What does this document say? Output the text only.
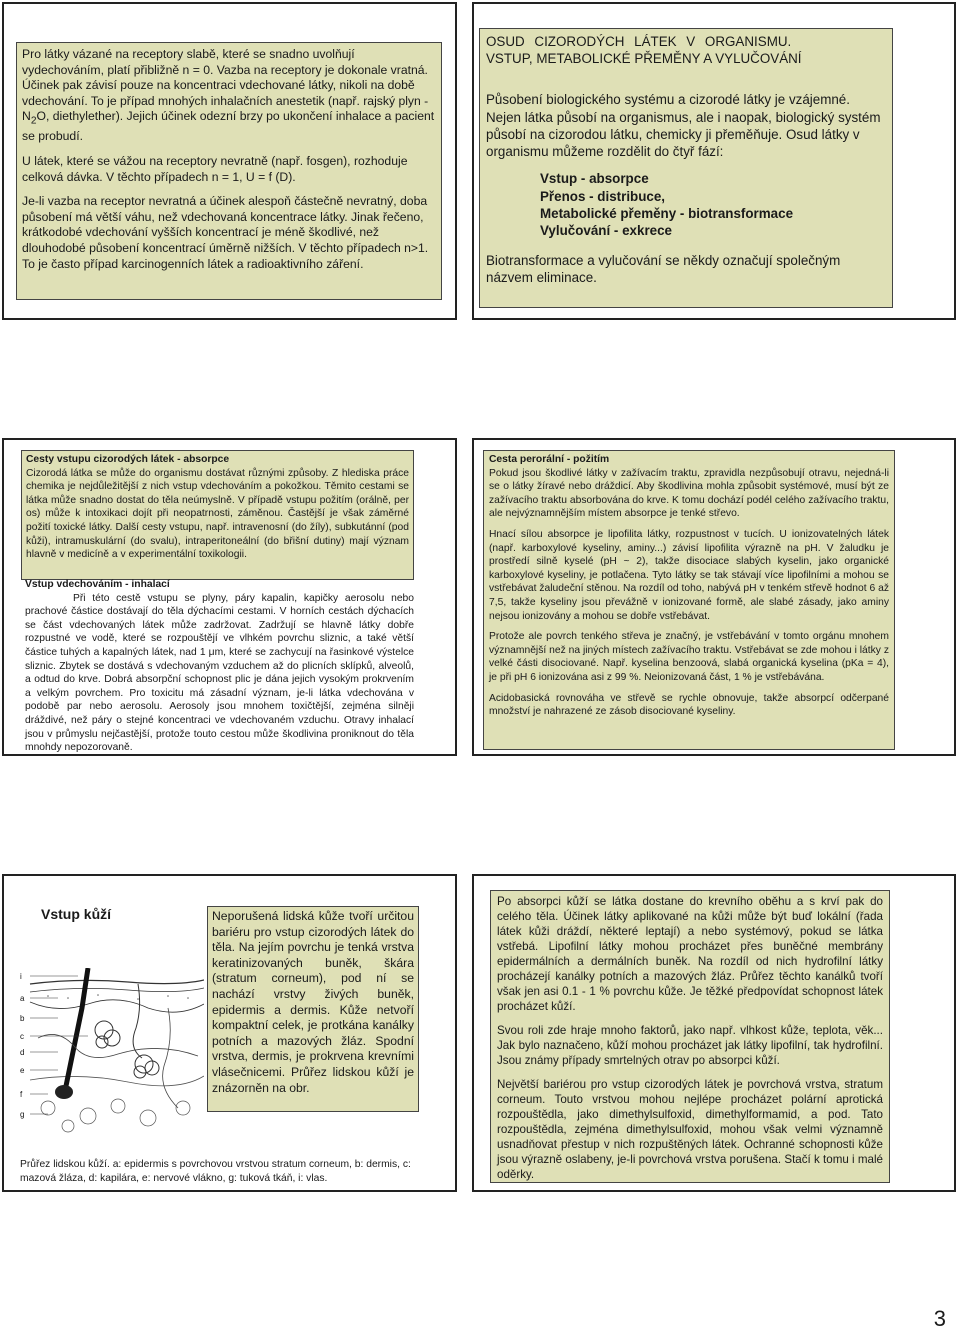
Pro látky vázané na receptory slabě, které se snadno uvolňují vydechováním, platí přibližně n = 0. Vazba na receptory je dokonale vratná. Účinek pak závisí pouze na koncentraci vdechované látky, nikoli na době vdechování. To je případ mnohých inhalačních anestetik (např. rajský plyn - $N_2O$, diethylether). Jejich účinek odezní brzy po ukončení inhalace a pacient se probudí.

U látek, které se vážou na receptory nevratně (např. fosgen), rozhoduje celková dávka. V těchto případech n = 1, U = f (D).

Je-li vazba na receptor nevratná a účinek alespoň částečně nevratný, doba působení má větší váhu, než vdechovaná koncentrace látky. Jinak řečeno, krátkodobé vdechování vyšších koncentrací je méně škodlivé, než dlouhodobé působení koncentrací úměrně nižších. V těchto případech n>1. To je často případ karcinogenních látek a radioaktivního záření.

OSUD CIZORODÝCH LÁTEK V ORGANISMU.

VSTUP, METABOLICKÉ PŘEMĚNY A VYLUČOVÁNÍ

Působení biologického systému a cizorodé látky je vzájemné. Nejen látka působí na organismus, ale i naopak, biologický systém působí na cizorodou látku, chemicky ji přeměňuje. Osud látky v organismu můžeme rozdělit do čtyř fází:

Vstup - absorpce
Přenos - distribuce,
Metabolické přeměny - biotransformace
Vylučování - exkrece

Biotransformace a vylučování se někdy označují společným názvem eliminace.

Cesty vstupu cizorodých látek - absorpce

Cizorodá látka se může do organismu dostávat různými způsoby. Z hlediska práce chemika je nejdůležitější z nich vstup vdechováním a pokožkou. Těmito cestami se látka může snadno dostat do těla neúmyslně. V případě vstupu požitím (orálně, per os) může k intoxikaci dojít při neopatrnosti, záměnou. Častější je však záměrné požití toxické látky. Další cesty vstupu, např. intravenosní (do žíly), subkutánní (pod kůži), intramuskulární (do svalu), intraperitoneální (do břišní dutiny) mají význam hlavně v medicíně a v experimentální toxikologii.

Vstup vdechováním - inhalací

Při této cestě vstupu se plyny, páry kapalin, kapičky aerosolu nebo prachové částice dostávají do těla dýchacími cestami. V horních cestách dýchacích se část vdechovaných látek může zadržovat. Zadržují se hlavně látky dobře rozpustné ve vodě, které se rozpouštějí ve vlhkém povrchu sliznic, a také větší částice tuhých a kapalných látek, nad 1 μm, které se zachycují na řasinkové výstelce sliznic. Zbytek se dostává s vdechovaným vzduchem až do plicních sklípků, alveolů, a odtud do krve. Dobrá absorpční schopnost plic je dána jejich vysokým prokrvením a velkým povrchem. Pro toxicitu má zásadní význam, je-li látka vdechována v podobě par nebo aerosolu. Aerosoly jsou mnohem toxičtější, zejména silněji dráždivé, než páry o stejné koncentraci ve vdechovaném vzduchu. Otravy inhalací jsou v průmyslu nejčastější, protože touto cestou může škodlivina proniknout do těla mnohdy nepozorovaně.

Cesta perorální - požitím

Pokud jsou škodlivé látky v zažívacím traktu, zpravidla nezpůsobují otravu, nejedná-li se o látky žíravé nebo dráždicí. Aby škodlivina mohla způsobit systémové, musí být ze zažívacího traktu absorbována do krve. K tomu dochází podél celého zažívacího traktu, ale nejvýznamnějším místem absorpce je tenké střevo.

Hnací sílou absorpce je lipofilita látky, rozpustnost v tucích. U ionizovatelných látek (např. karboxylové kyseliny, aminy...) závisí lipofilita výrazně na pH. V žaludku je prostředí silně kyselé (pH ~ 2), takže disociace slabých kyselin, jako organické karboxylové kyseliny, je potlačena. Tyto látky se tak stávají více lipofilními a mohou se vstřebávat žaludeční stěnou. Na rozdíl od toho, nabývá pH v tenkém střevě hodnot 6 až 7,5, takže kyseliny jsou převážně v ionizované formě, ale slabé zásady, jako aminy nejsou ionizovány a mohou se dobře vstřebávat.

Protože ale povrch tenkého střeva je značný, je vstřebávání v tomto orgánu mnohem významnější než na jiných místech zažívacího traktu. Vstřebávat se zde mohou i látky z velké části disociované. Např. kyselina benzoová, slabá organická kyselina (pKa = 4), je při pH 6 ionizována asi z 99 %. Neionizovaná část, 1 % je vstřebávána.

Acidobasická rovnováha ve střevě se rychle obnovuje, takže absorpcí odčerpané množství je nahrazené ze zásob disociované kyseliny.

Vstup kůží
i
a
b
c
d
e
f
g

Neporušená lidská kůže tvoří určitou bariéru pro vstup cizorodých látek do těla. Na jejím povrchu je tenká vrstva keratinizovaných buněk, škára (stratum corneum), pod ní se nachází vrstvy živých buněk, epidermis a dermis. Kůže netvoří kompaktní celek, je protkána kanálky potních a mazových žláz. Spodní vrstva, dermis, je prokrvena krevními vlásečnicemi. Průřez lidskou kůží je znázorněn na obr.

Průřez lidskou kůží. a: epidermis s povrchovou vrstvou stratum corneum, b: dermis, c: mazová žláza, d: kapilára, e: nervové vlákno, g: tuková tkáň, i: vlas.

Po absorpci kůží se látka dostane do krevního oběhu a s krví pak do celého těla. Účinek látky aplikované na kůži může být buď lokální (řada látek kůži dráždí, některé leptají) a nebo systémový, pokud se látka vstřebá. Lipofilní látky mohou procházet přes buněčné membrány epidermálních a dermálních buněk. Na rozdíl od nich hydrofilní látky procházejí kanálky potních a mazových žláz. Průřez těchto kanálků tvoří však jen asi 0.1 - 1 % povrchu kůže. Je těžké předpovídat schopnost látek procházet kůží.

Svou roli zde hraje mnoho faktorů, jako např. vlhkost kůže, teplota, věk... Jak bylo naznačeno, kůží mohou procházet jak látky lipofilní, tak hydrofilní. Jsou známy případy smrtelných otrav po absorpci kůží.

Největší bariérou pro vstup cizorodých látek je povrchová vrstva, stratum corneum. Touto vrstvou mohou nejlépe procházet polární aprotická rozpouštědla, jako dimethylsulfoxid, dimethylformamid, a pod. Tato rozpouštědla, zejména dimethylsulfoxid, mohou však velmi významně usnadňovat přestup v nich rozpuštěných látek. Ochranné schopnosti kůže jsou výrazně oslabeny, je-li povrchová vrstva porušena. Stačí k tomu i malé oděrky.

3
